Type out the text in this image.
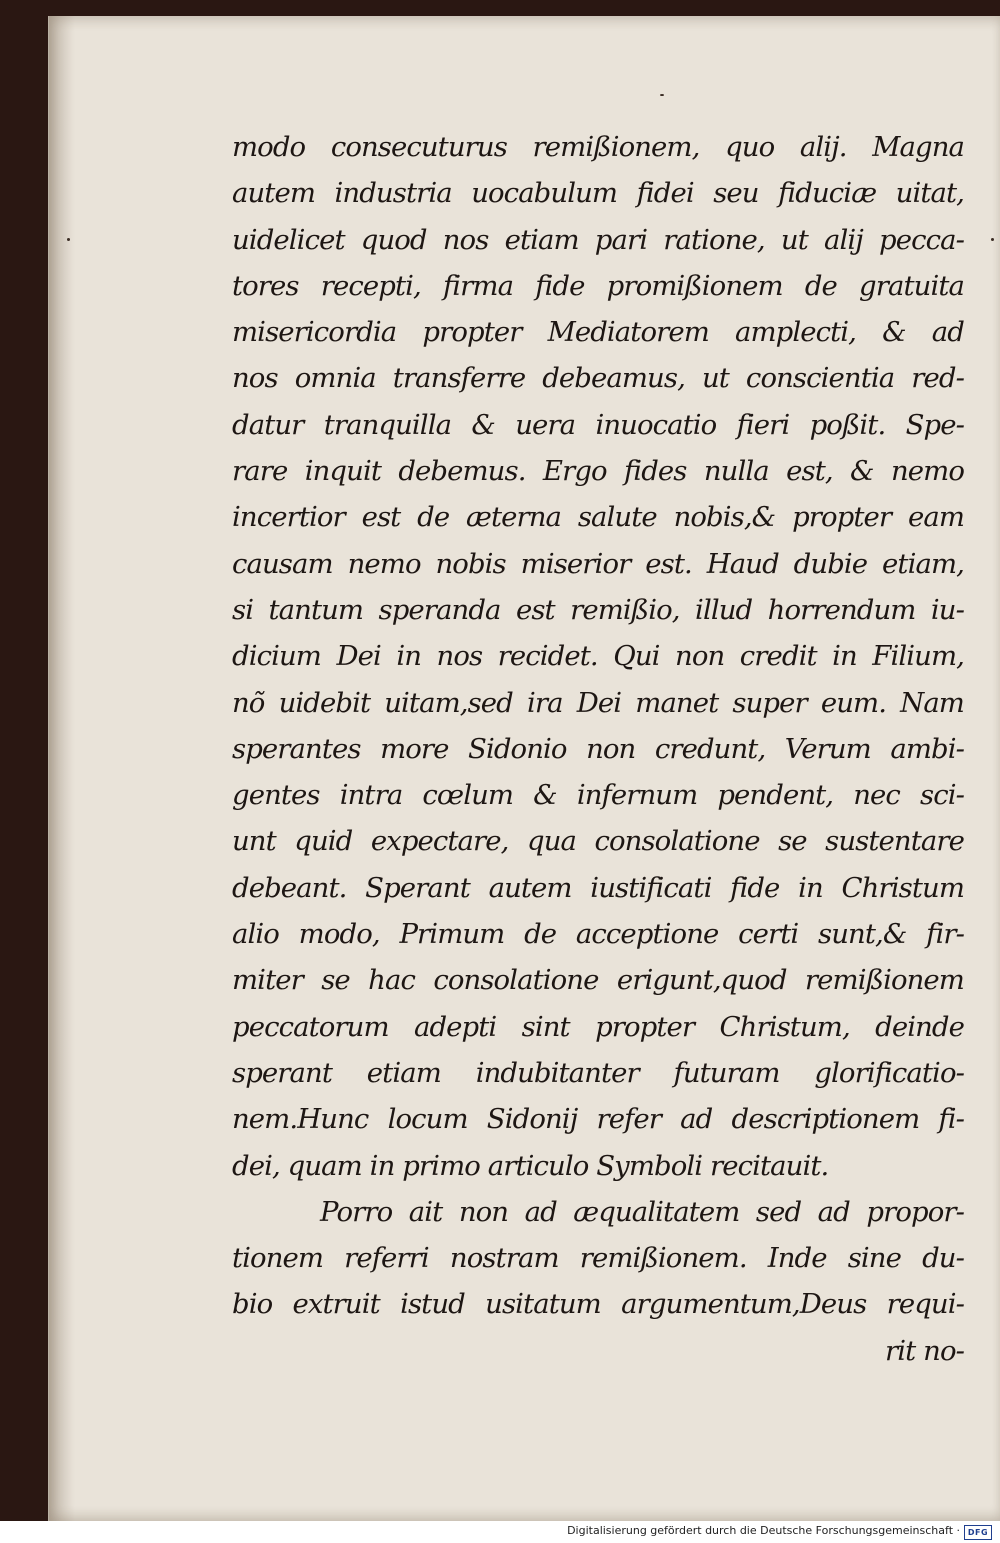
modo consecuturus remißionem, quo alij. Magna
autem industria uocabulum fidei seu fiduciæ uitat,
uidelicet quod nos etiam pari ratione, ut alij pecca-
tores recepti, firma fide promißionem de gratuita
misericordia propter Mediatorem amplecti, & ad
nos omnia transferre debeamus, ut conscientia red-
datur tranquilla & uera inuocatio fieri poßit. Spe-
rare inquit debemus. Ergo fides nulla est, & nemo
incertior est de æterna salute nobis,& propter eam
causam nemo nobis miserior est. Haud dubie etiam,
si tantum speranda est remißio, illud horrendum iu-
dicium Dei in nos recidet. Qui non credit in Filium,
nõ uidebit uitam,sed ira Dei manet super eum. Nam
sperantes more Sidonio non credunt, Verum ambi-
gentes intra cœlum & infernum pendent, nec sci-
unt quid expectare, qua consolatione se sustentare
debeant. Sperant autem iustificati fide in Christum
alio modo, Primum de acceptione certi sunt,& fir-
miter se hac consolatione erigunt,quod remißionem
peccatorum adepti sint propter Christum, deinde
sperant etiam indubitanter futuram glorificatio-
nem.Hunc locum Sidonij refer ad descriptionem fi-
dei, quam in primo articulo Symboli recitauit.
Porro ait non ad æqualitatem sed ad propor-
tionem referri nostram remißionem. Inde sine du-
bio extruit istud usitatum argumentum,Deus requi-
rit no-
Digitalisierung gefördert durch die Deutsche Forschungsgemeinschaft · DFG
